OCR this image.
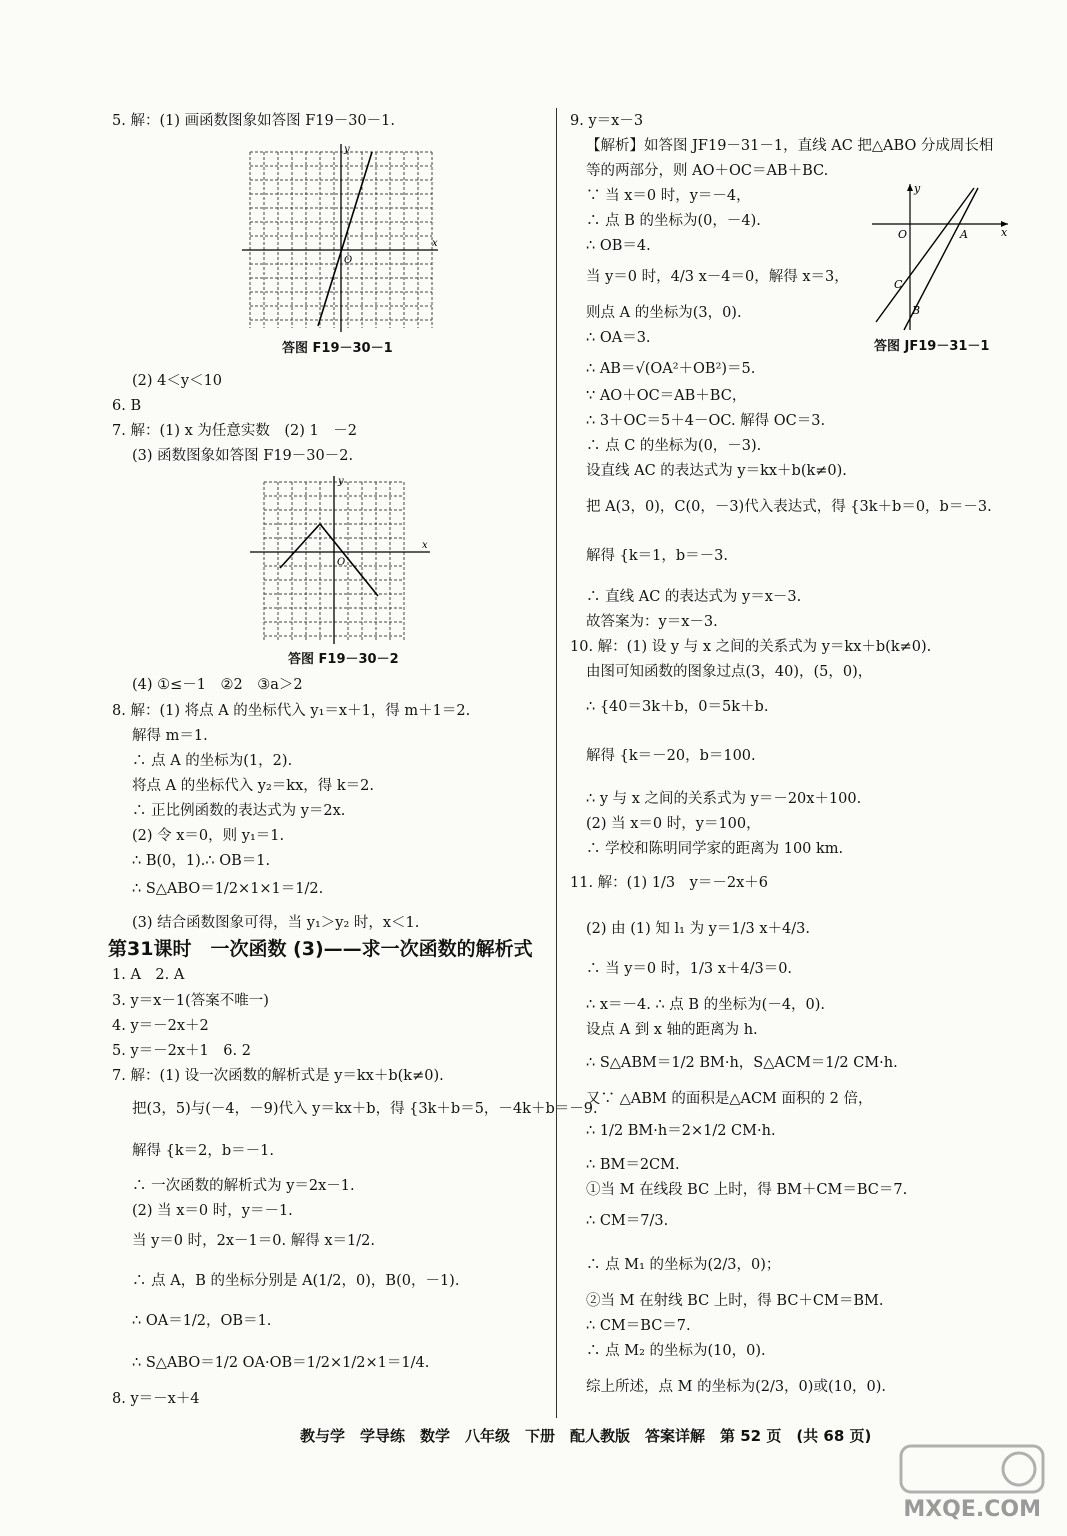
5. 解：(1) 画函数图象如答图 F19－30－1.
x
y
O
答图 F19－30－1
(2) 4＜y＜10
6. B
7. 解：(1) x 为任意实数　(2) 1　－2
(3) 函数图象如答图 F19－30－2.
x
y
O
答图 F19－30－2
(4) ①≤－1　②2　③a＞2
8. 解：(1) 将点 A 的坐标代入 y₁＝x＋1，得 m＋1＝2.
解得 m＝1.
∴ 点 A 的坐标为(1，2).
将点 A 的坐标代入 y₂＝kx，得 k＝2.
∴ 正比例函数的表达式为 y＝2x.
(2) 令 x＝0，则 y₁＝1.
∴ B(0，1).∴ OB＝1.
∴ S△ABO＝1/2×1×1＝1/2.
(3) 结合函数图象可得，当 y₁＞y₂ 时，x＜1.
第31课时　一次函数 (3)——求一次函数的解析式
1. A　2. A
3. y＝x－1(答案不唯一)
4. y＝－2x＋2
5. y＝－2x＋1　6. 2
7. 解：(1) 设一次函数的解析式是 y＝kx＋b(k≠0).
把(3，5)与(－4，－9)代入 y＝kx＋b，得 {3k＋b＝5，－4k＋b＝－9.
解得 {k＝2，b＝－1.
∴ 一次函数的解析式为 y＝2x－1.
(2) 当 x＝0 时，y＝－1.
当 y＝0 时，2x－1＝0. 解得 x＝1/2.
∴ 点 A，B 的坐标分别是 A(1/2，0)，B(0，－1).
∴ OA＝1/2，OB＝1.
∴ S△ABO＝1/2 OA·OB＝1/2×1/2×1＝1/4.
8. y＝－x＋4
9. y＝x－3
【解析】如答图 JF19－31－1，直线 AC 把△ABO 分成周长相
等的两部分，则 AO＋OC＝AB＋BC.
∵ 当 x＝0 时，y＝－4，
∴ 点 B 的坐标为(0，－4).
∴ OB＝4.
当 y＝0 时，4/3 x－4＝0，解得 x＝3，
则点 A 的坐标为(3，0).
∴ OA＝3.
x
y
O	A
C
B
答图 JF19－31－1
∴ AB＝√(OA²＋OB²)＝5.
∵ AO＋OC＝AB＋BC，
∴ 3＋OC＝5＋4－OC. 解得 OC＝3.
∴ 点 C 的坐标为(0，－3).
设直线 AC 的表达式为 y＝kx＋b(k≠0).
把 A(3，0)，C(0，－3)代入表达式，得 {3k＋b＝0，b＝－3.
解得 {k＝1，b＝－3.
∴ 直线 AC 的表达式为 y＝x－3.
故答案为：y＝x－3.
10. 解：(1) 设 y 与 x 之间的关系式为 y＝kx＋b(k≠0).
由图可知函数的图象过点(3，40)，(5，0)，
∴ {40＝3k＋b，0＝5k＋b.
解得 {k＝－20，b＝100.
∴ y 与 x 之间的关系式为 y＝－20x＋100.
(2) 当 x＝0 时，y＝100，
∴ 学校和陈明同学家的距离为 100 km.
11. 解：(1) 1/3　y＝－2x＋6
(2) 由 (1) 知 l₁ 为 y＝1/3 x＋4/3.
∴ 当 y＝0 时，1/3 x＋4/3＝0.
∴ x＝－4. ∴ 点 B 的坐标为(－4，0).
设点 A 到 x 轴的距离为 h.
∴ S△ABM＝1/2 BM·h，S△ACM＝1/2 CM·h.
又∵ △ABM 的面积是△ACM 面积的 2 倍，
∴ 1/2 BM·h＝2×1/2 CM·h.
∴ BM＝2CM.
①当 M 在线段 BC 上时，得 BM＋CM＝BC＝7.
∴ CM＝7/3.
∴ 点 M₁ 的坐标为(2/3，0)；
②当 M 在射线 BC 上时，得 BC＋CM＝BM.
∴ CM＝BC＝7.
∴ 点 M₂ 的坐标为(10，0).
综上所述，点 M 的坐标为(2/3，0)或(10，0).
教与学　学导练　数学　八年级　下册　配人教版　答案详解　第 52 页　(共 68 页)
MXQE.COM
